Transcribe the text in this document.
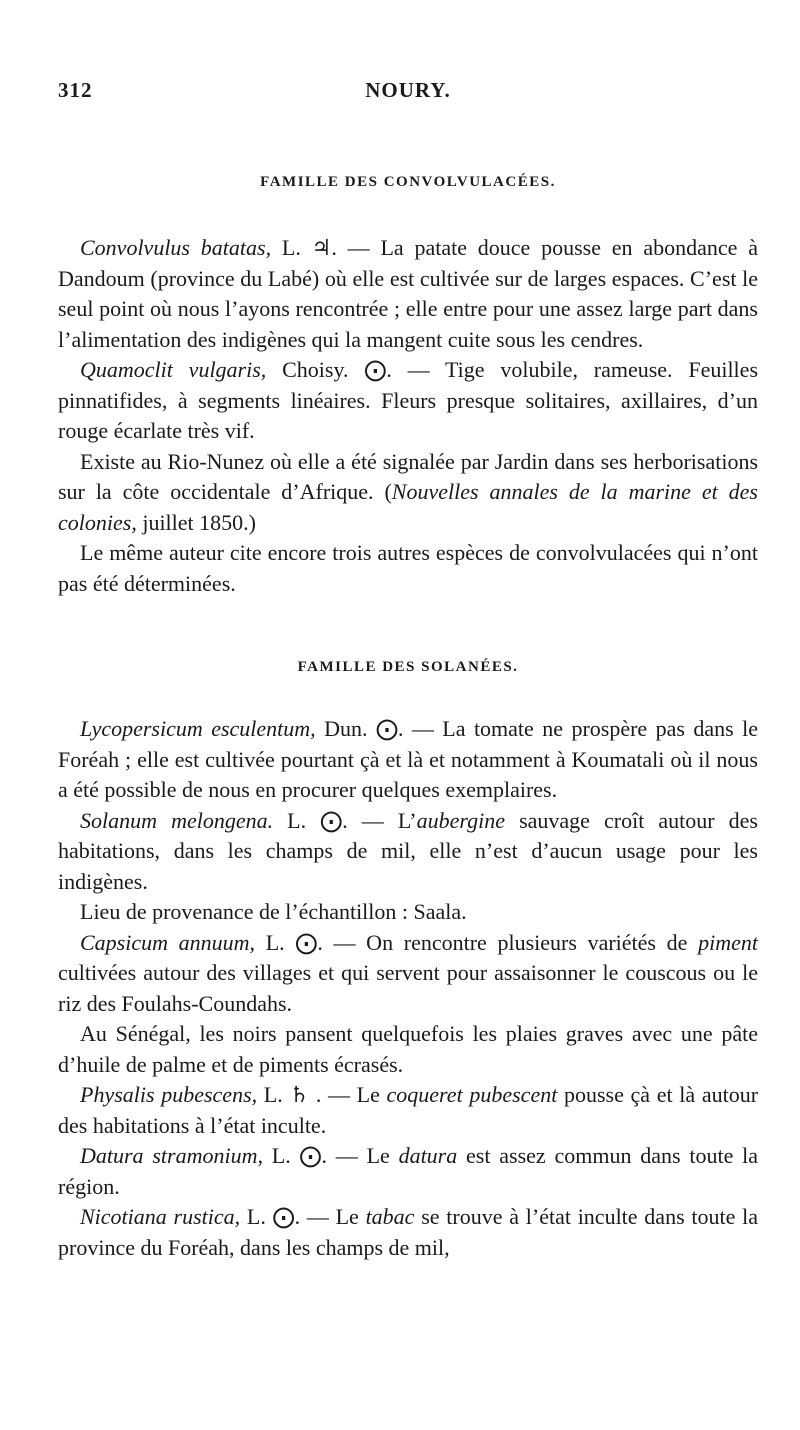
312	NOURY.
FAMILLE DES CONVOLVULACÉES.

Convolvulus batatas, L. ♃. — La patate douce pousse en abondance à Dandoum (province du Labé) où elle est cultivée sur de larges espaces. C’est le seul point où nous l’ayons rencontrée ; elle entre pour une assez large part dans l’alimentation des indigènes qui la mangent cuite sous les cendres.

Quamoclit vulgaris, Choisy. ⨀. — Tige volubile, rameuse. Feuilles pinnatifides, à segments linéaires. Fleurs presque solitaires, axillaires, d’un rouge écarlate très vif.

Existe au Rio-Nunez où elle a été signalée par Jardin dans ses herborisations sur la côte occidentale d’Afrique. (Nouvelles annales de la marine et des colonies, juillet 1850.)

Le même auteur cite encore trois autres espèces de convolvulacées qui n’ont pas été déterminées.

FAMILLE DES SOLANÉES.

Lycopersicum esculentum, Dun. ⨀. — La tomate ne prospère pas dans le Foréah ; elle est cultivée pourtant çà et là et notamment à Koumatali où il nous a été possible de nous en procurer quelques exemplaires.

Solanum melongena. L. ⨀. — L’aubergine sauvage croît autour des habitations, dans les champs de mil, elle n’est d’aucun usage pour les indigènes.

Lieu de provenance de l’échantillon : Saala.

Capsicum annuum, L. ⨀. — On rencontre plusieurs variétés de piment cultivées autour des villages et qui servent pour assaisonner le couscous ou le riz des Foulahs-Coundahs.

Au Sénégal, les noirs pansent quelquefois les plaies graves avec une pâte d’huile de palme et de piments écrasés.

Physalis pubescens, L. ♄ . — Le coqueret pubescent pousse çà et là autour des habitations à l’état inculte.

Datura stramonium, L. ⨀. — Le datura est assez commun dans toute la région.

Nicotiana rustica, L. ⨀. — Le tabac se trouve à l’état inculte dans toute la province du Foréah, dans les champs de mil,
